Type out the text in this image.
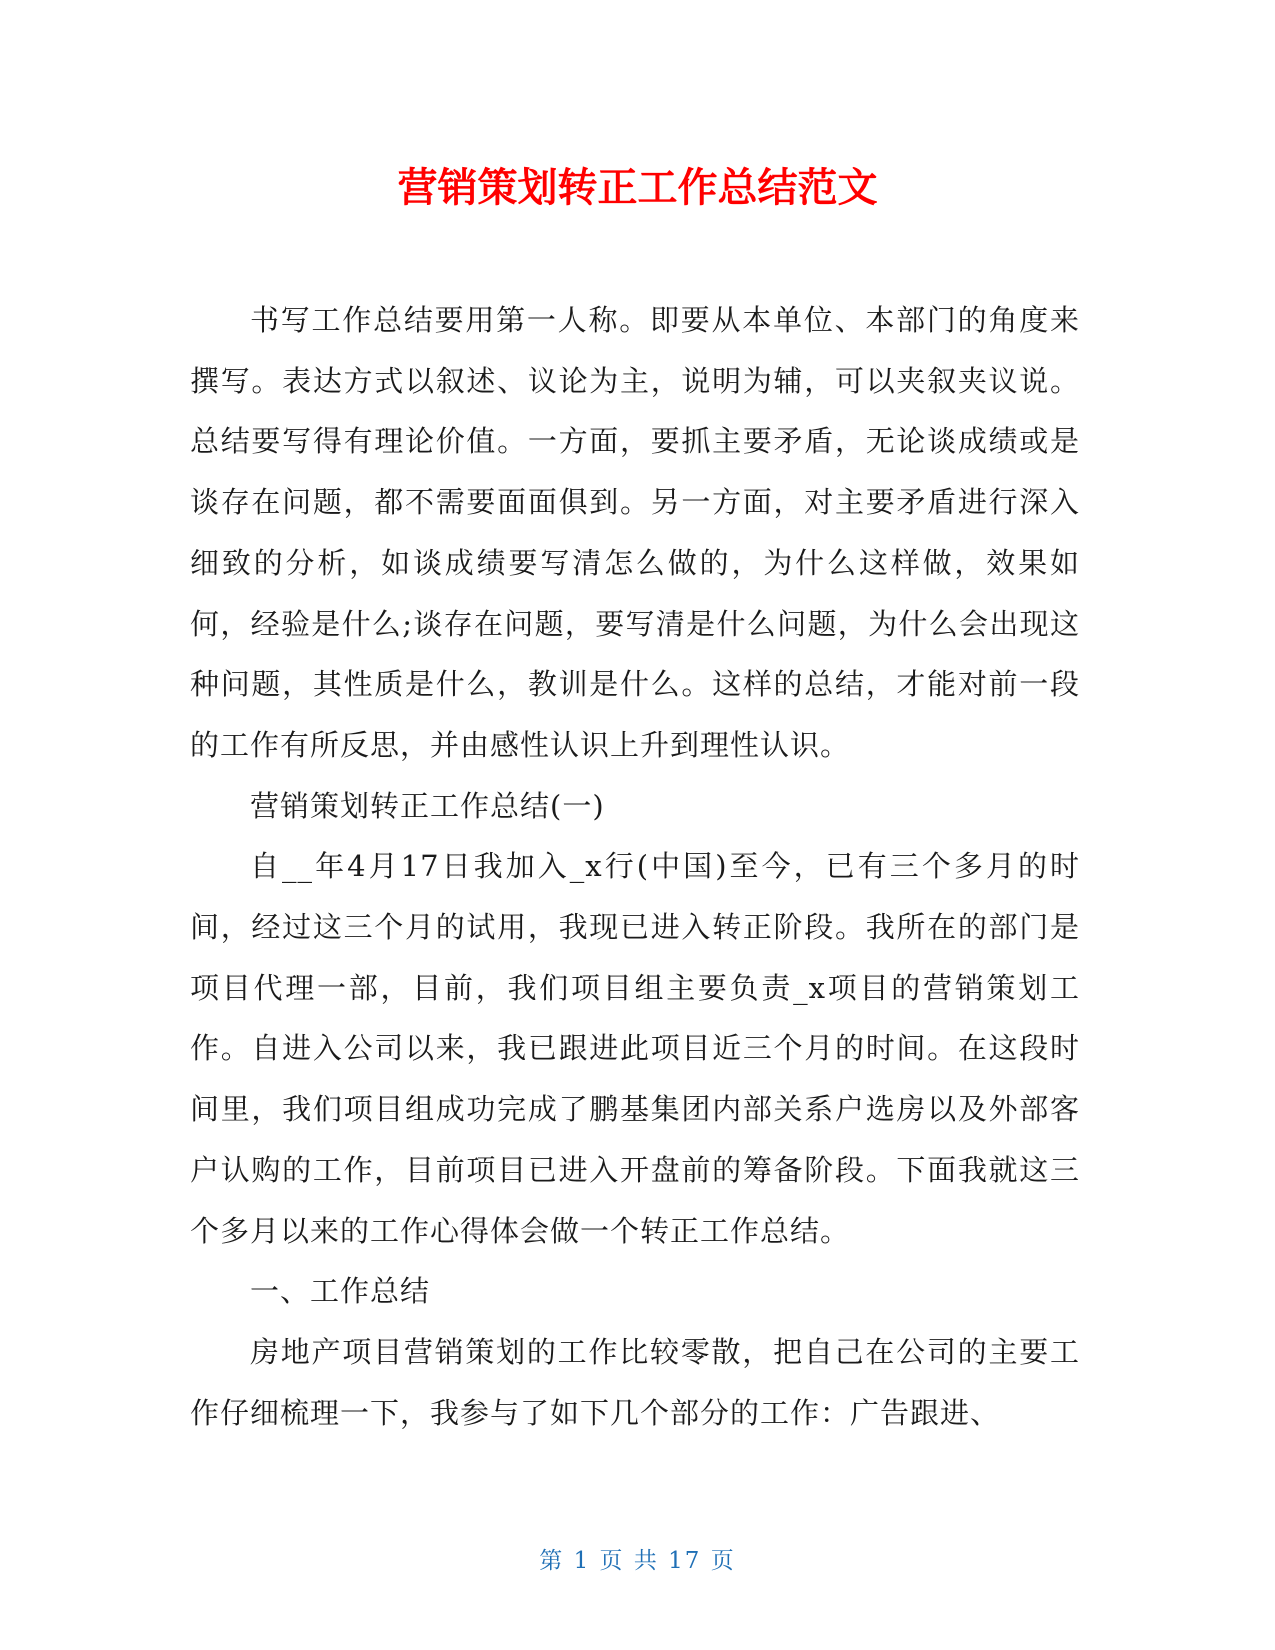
营销策划转正工作总结范文

书写工作总结要用第一人称。即要从本单位、本部门的角度来撰写。表达方式以叙述、议论为主，说明为辅，可以夹叙夹议说。总结要写得有理论价值。一方面，要抓主要矛盾，无论谈成绩或是谈存在问题，都不需要面面俱到。另一方面，对主要矛盾进行深入细致的分析，如谈成绩要写清怎么做的，为什么这样做，效果如何，经验是什么;谈存在问题，要写清是什么问题，为什么会出现这种问题，其性质是什么，教训是什么。这样的总结，才能对前一段的工作有所反思，并由感性认识上升到理性认识。

营销策划转正工作总结(一)

自__年4月17日我加入_x行(中国)至今，已有三个多月的时间，经过这三个月的试用，我现已进入转正阶段。我所在的部门是项目代理一部，目前，我们项目组主要负责_x项目的营销策划工作。自进入公司以来，我已跟进此项目近三个月的时间。在这段时间里，我们项目组成功完成了鹏基集团内部关系户选房以及外部客户认购的工作，目前项目已进入开盘前的筹备阶段。下面我就这三个多月以来的工作心得体会做一个转正工作总结。

一、工作总结

房地产项目营销策划的工作比较零散，把自己在公司的主要工作仔细梳理一下，我参与了如下几个部分的工作：广告跟进、

第 1 页 共 17 页
